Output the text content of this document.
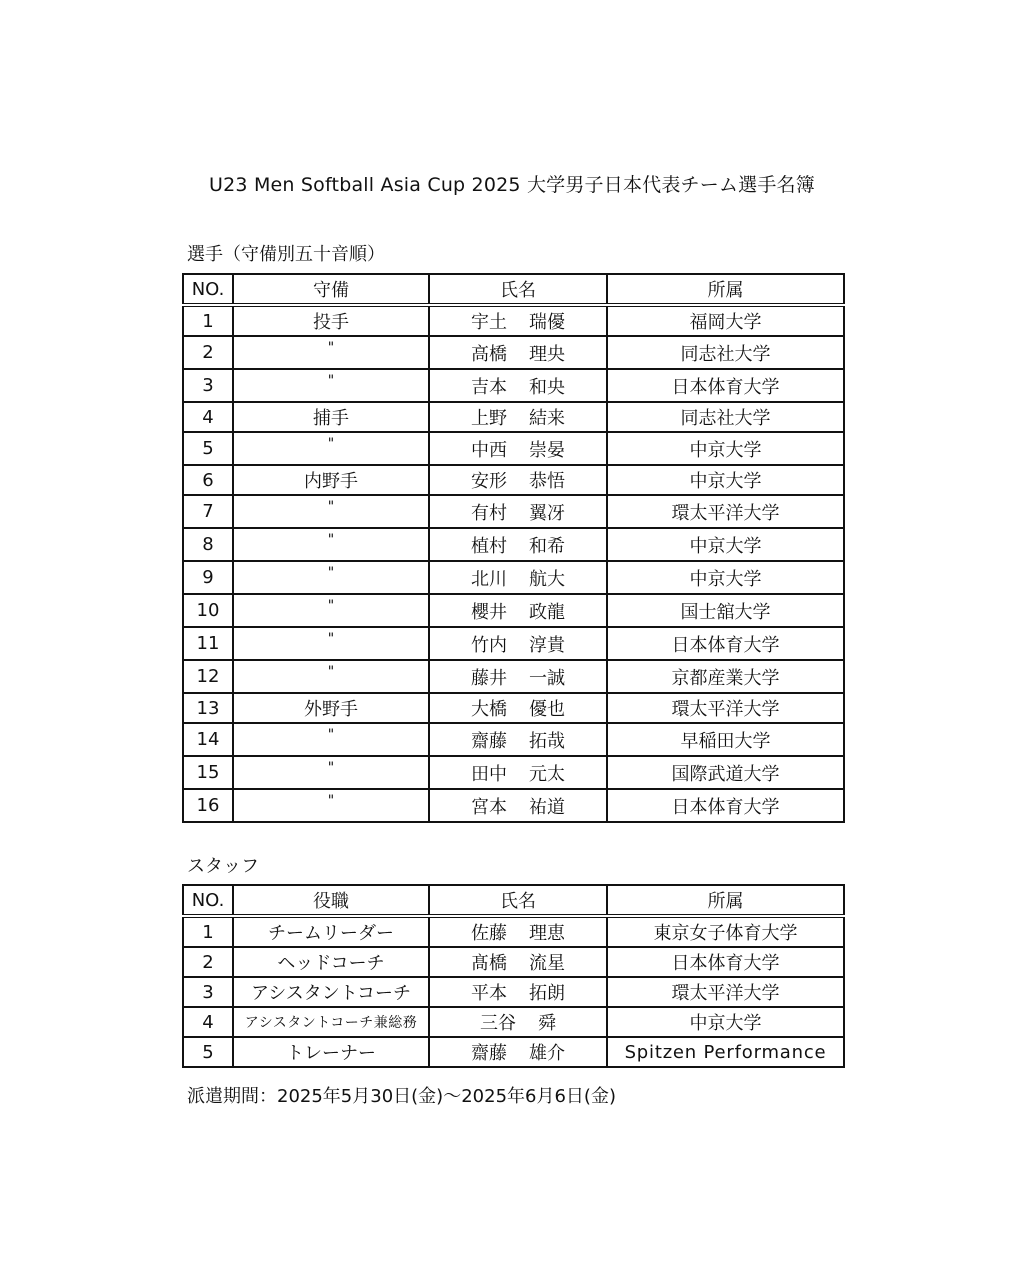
U23 Men Softball Asia Cup 2025 大学男子日本代表チーム選手名簿
選手（守備別五十音順）
NO.	守備	氏名	所属
1	投手	宇土 瑞優	福岡大学
2	"	高橋 理央	同志社大学
3	"	吉本 和央	日本体育大学
4	捕手	上野 結来	同志社大学
5	"	中西 崇晏	中京大学
6	内野手	安形 恭悟	中京大学
7	"	有村 翼冴	環太平洋大学
8	"	植村 和希	中京大学
9	"	北川 航大	中京大学
10	"	櫻井 政龍	国士舘大学
11	"	竹内 淳貴	日本体育大学
12	"	藤井 一誠	京都産業大学
13	外野手	大橋 優也	環太平洋大学
14	"	齋藤 拓哉	早稲田大学
15	"	田中 元太	国際武道大学
16	"	宮本 祐道	日本体育大学
スタッフ
NO.	役職	氏名	所属
1	チームリーダー	佐藤 理恵	東京女子体育大学
2	ヘッドコーチ	髙橋 流星	日本体育大学
3	アシスタントコーチ	平本 拓朗	環太平洋大学
4	アシスタントコーチ兼総務	三谷 舜	中京大学
5	トレーナー	齋藤 雄介	Spitzen Performance
派遣期間：2025年5月30日(金)～2025年6月6日(金)
